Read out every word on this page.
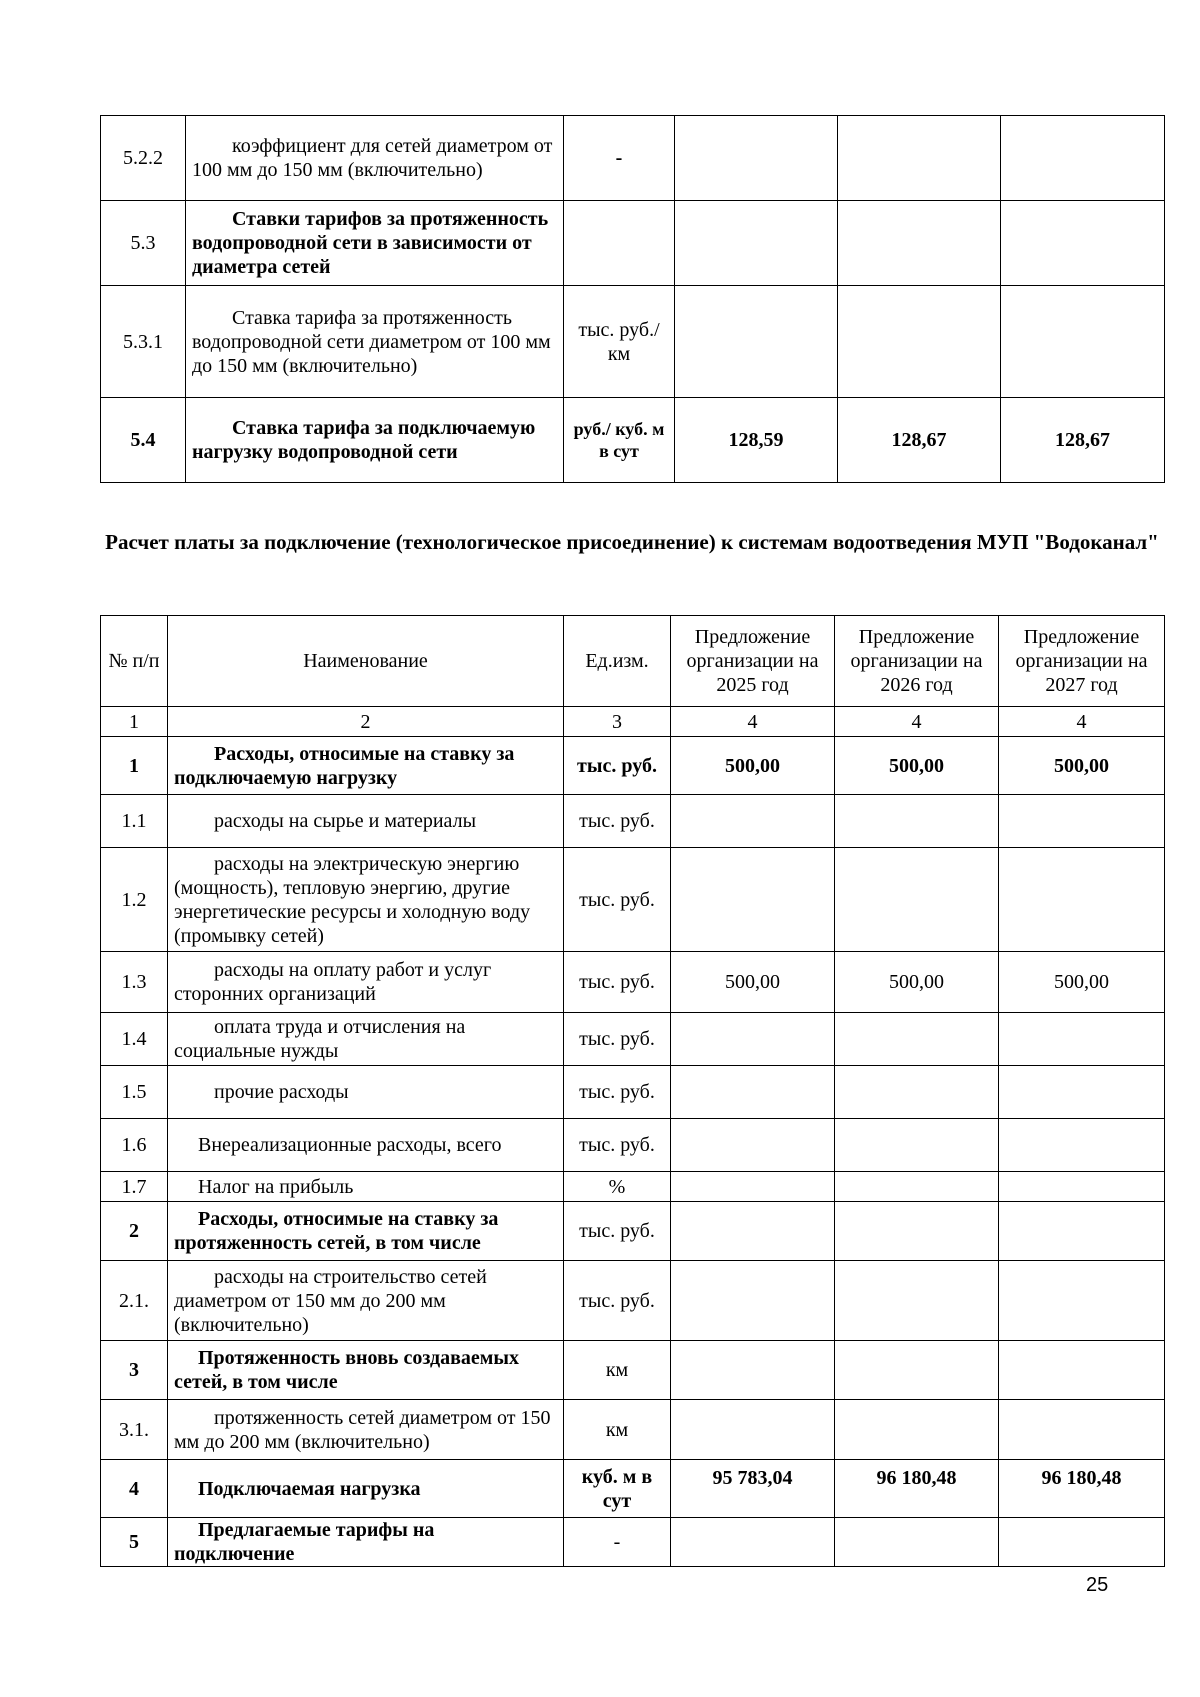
5.2.2	коэффициент для сетей диаметром от 100 мм до 150 мм (включительно)	-			
5.3	Ставки тарифов за протяженность водопроводной сети в зависимости от диаметра сетей				
5.3.1	Ставка тарифа за протяженность водопроводной сети диаметром от 100 мм до 150 мм (включительно)	тыс. руб./км			
5.4	Ставка тарифа за подключаемую нагрузку водопроводной сети	руб./ куб. м в сут	128,59	128,67	128,67
Расчет платы за подключение (технологическое присоединение) к системам водоотведения МУП "Водоканал"
№ п/п	Наименование	Ед.изм.	Предложение организации на 2025 год	Предложение организации на 2026 год	Предложение организации на 2027 год
1	2	3	4	4	4
1	Расходы, относимые на ставку за подключаемую нагрузку	тыс. руб.	500,00	500,00	500,00
1.1	расходы на сырье и материалы	тыс. руб.			
1.2	расходы на электрическую энергию (мощность), тепловую энергию, другие энергетические ресурсы и холодную воду (промывку сетей)	тыс. руб.			
1.3	расходы на оплату работ и услуг сторонних организаций	тыс. руб.	500,00	500,00	500,00
1.4	оплата труда и отчисления на социальные нужды	тыс. руб.			
1.5	прочие расходы	тыс. руб.			
1.6	Внереализационные расходы, всего	тыс. руб.			
1.7	Налог на прибыль	%			
2	Расходы, относимые на ставку за протяженность сетей, в том числе	тыс. руб.			
2.1.	расходы на строительство сетей диаметром от 150 мм до 200 мм (включительно)	тыс. руб.			
3	Протяженность вновь создаваемых сетей, в том числе	км			
3.1.	протяженность сетей диаметром от 150 мм до 200 мм (включительно)	км			
4	Подключаемая нагрузка	куб. м в сут	95 783,04	96 180,48	96 180,48
5	Предлагаемые тарифы на подключение	-			
25
